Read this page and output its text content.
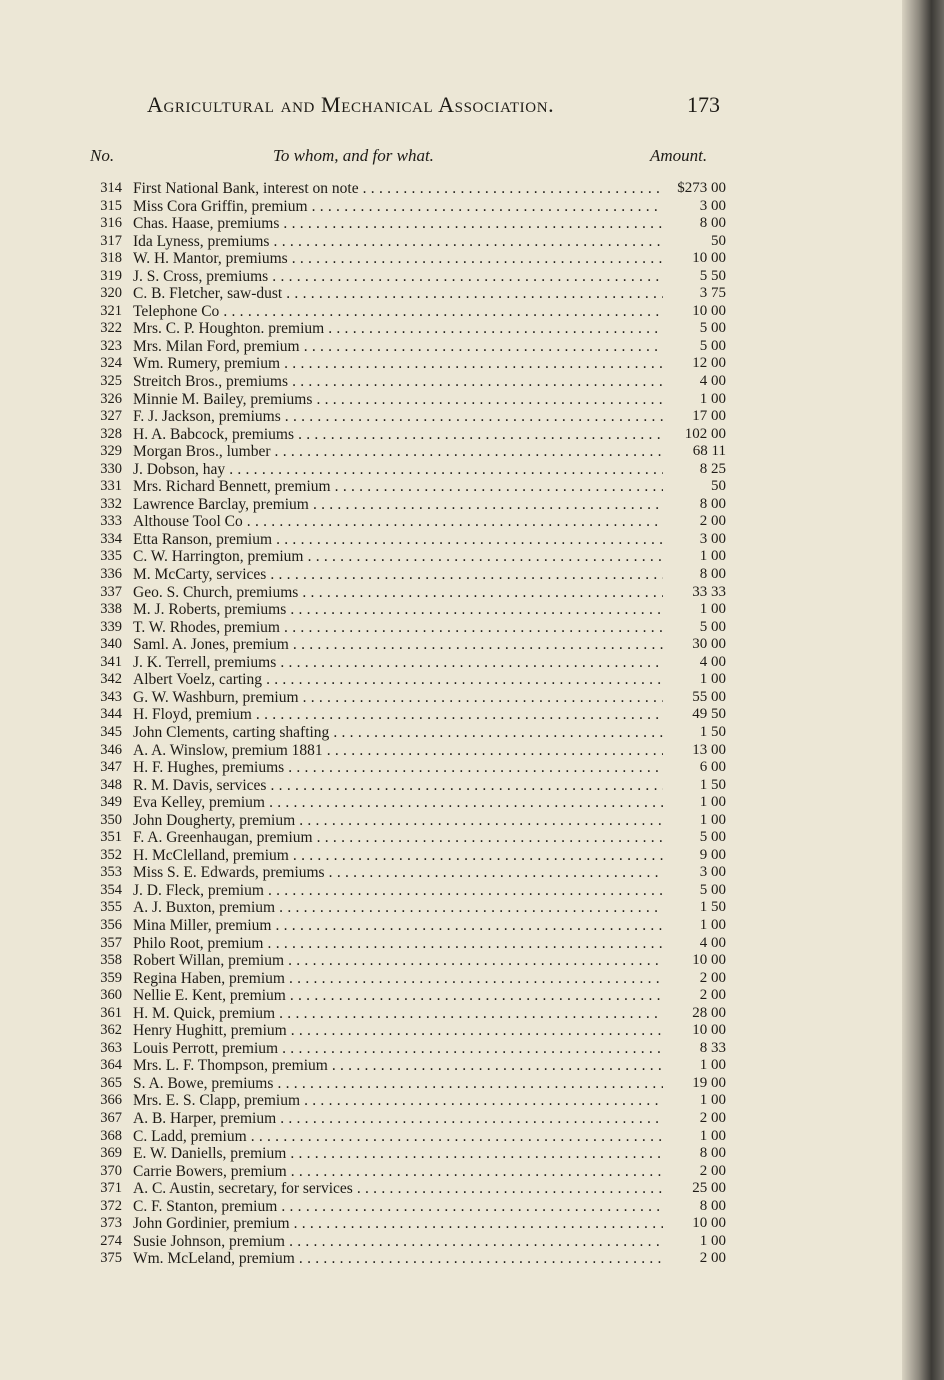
Agricultural and Mechanical Association.	173
No.	To whom, and for what.	Amount.
314 First National Bank, interest on note . . .	$273 00
315 Miss Cora Griffin, premium . . .	3 00
316 Chas. Haase, premiums . . .	8 00
317 Ida Lyness, premiums . . .	50
318 W. H. Mantor, premiums . . .	10 00
319 J. S. Cross, premiums . . .	5 50
320 C. B. Fletcher, saw-dust . . .	3 75
321 Telephone Co . . .	10 00
322 Mrs. C. P. Houghton. premium . . .	5 00
323 Mrs. Milan Ford, premium . . .	5 00
324 Wm. Rumery, premium . . .	12 00
325 Streitch Bros., premiums . . .	4 00
326 Minnie M. Bailey, premiums . . .	1 00
327 F. J. Jackson, premiums . . .	17 00
328 H. A. Babcock, premiums . . .	102 00
329 Morgan Bros., lumber . . .	68 11
330 J. Dobson, hay . . .	8 25
331 Mrs. Richard Bennett, premium . . .	50
332 Lawrence Barclay, premium . . .	8 00
333 Althouse Tool Co . . .	2 00
334 Etta Ranson, premium . . .	3 00
335 C. W. Harrington, premium . . .	1 00
336 M. McCarty, services . . .	8 00
337 Geo. S. Church, premiums . . .	33 33
338 M. J. Roberts, premiums . . .	1 00
339 T. W. Rhodes, premium . . .	5 00
340 Saml. A. Jones, premium . . .	30 00
341 J. K. Terrell, premiums . . .	4 00
342 Albert Voelz, carting . . .	1 00
343 G. W. Washburn, premium . . .	55 00
344 H. Floyd, premium . . .	49 50
345 John Clements, carting shafting . . .	1 50
346 A. A. Winslow, premium 1881 . . .	13 00
347 H. F. Hughes, premiums . . .	6 00
348 R. M. Davis, services . . .	1 50
349 Eva Kelley, premium . . .	1 00
350 John Dougherty, premium . . .	1 00
351 F. A. Greenhaugan, premium . . .	5 00
352 H. McClelland, premium . . .	9 00
353 Miss S. E. Edwards, premiums . . .	3 00
354 J. D. Fleck, premium . . .	5 00
355 A. J. Buxton, premium . . .	1 50
356 Mina Miller, premium . . .	1 00
357 Philo Root, premium . . .	4 00
358 Robert Willan, premium . . .	10 00
359 Regina Haben, premium . . .	2 00
360 Nellie E. Kent, premium . . .	2 00
361 H. M. Quick, premium . . .	28 00
362 Henry Hughitt, premium . . .	10 00
363 Louis Perrott, premium . . .	8 33
364 Mrs. L. F. Thompson, premium . . .	1 00
365 S. A. Bowe, premiums . . .	19 00
366 Mrs. E. S. Clapp, premium . . .	1 00
367 A. B. Harper, premium . . .	2 00
368 C. Ladd, premium . . .	1 00
369 E. W. Daniells, premium . . .	8 00
370 Carrie Bowers, premium . . .	2 00
371 A. C. Austin, secretary, for services . . .	25 00
372 C. F. Stanton, premium . . .	8 00
373 John Gordinier, premium . . .	10 00
274 Susie Johnson, premium . . .	1 00
375 Wm. McLeland, premium . . .	2 00
